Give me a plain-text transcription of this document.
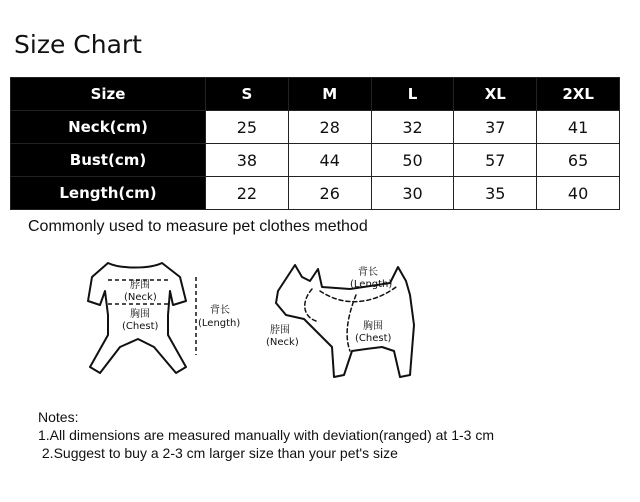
Size Chart
Size	S	M	L	XL	2XL
Neck(cm)	25	28	32	37	41
Bust(cm)	38	44	50	57	65
Length(cm)	22	26	30	35	40
Commonly used to measure pet clothes method
脖围
(Neck)
胸围
(Chest)
背长
(Length)
背长
(Length)
脖围
(Neck)
胸围
(Chest)
Notes:
1.All dimensions are measured manually with deviation(ranged) at 1-3 cm
2.Suggest to buy a 2-3 cm larger size than your pet's size
